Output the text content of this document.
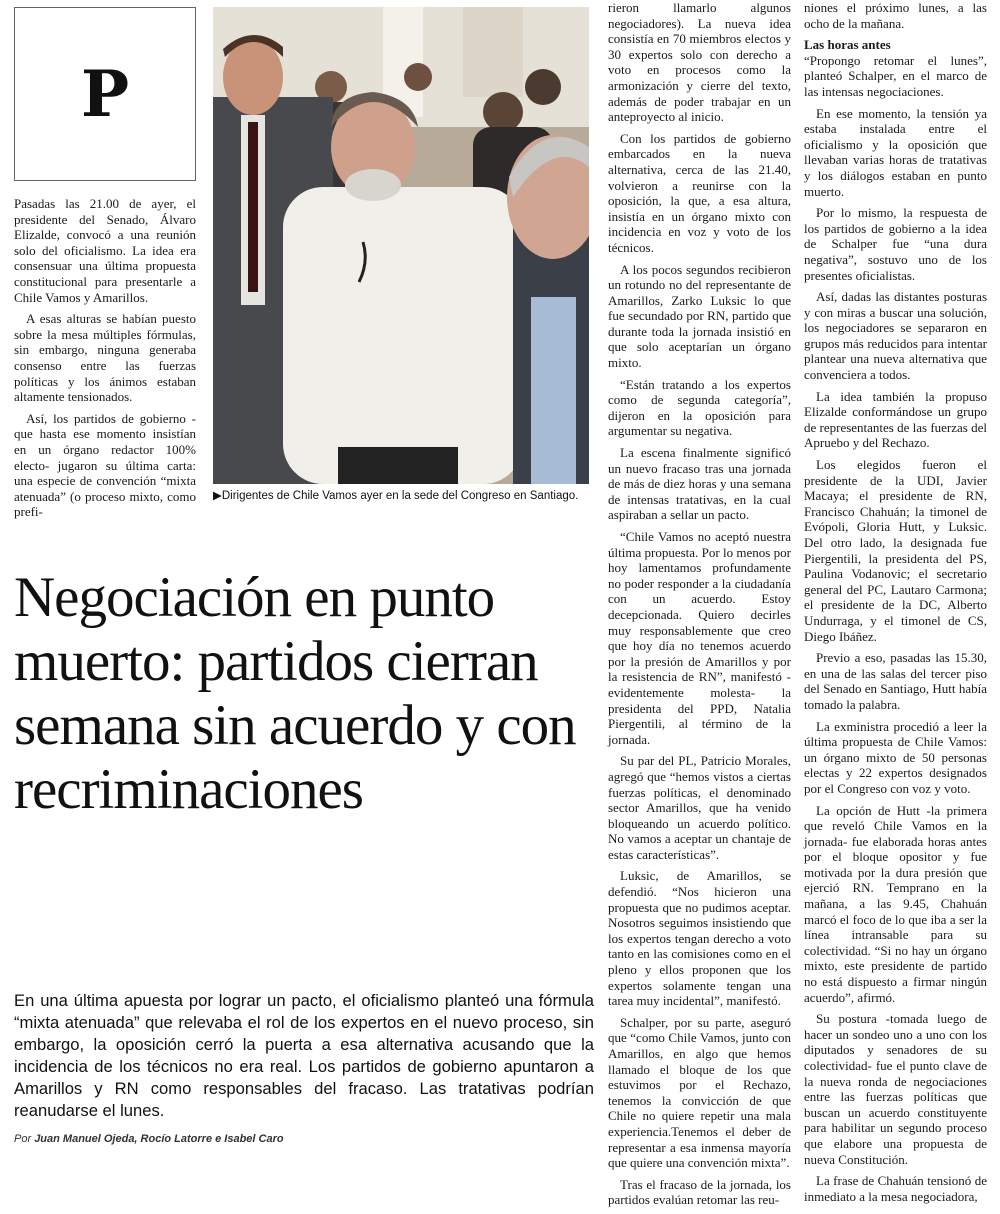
P

Pasadas las 21.00 de ayer, el presidente del Senado, Álvaro Elizalde, convocó a una reunión solo del oficialismo. La idea era consensuar una última propuesta constitucional para presentarle a Chile Vamos y Amarillos.

A esas alturas se habían puesto sobre la mesa múltiples fórmulas, sin embargo, ninguna generaba consenso entre las fuerzas políticas y los ánimos estaban altamente tensionados.

Así, los partidos de gobierno -que hasta ese momento insistían en un órgano redactor 100% electo- jugaron su última carta: una especie de convención “mixta atenuada” (o proceso mixto, como prefi-

▶Dirigentes de Chile Vamos ayer en la sede del Congreso en Santiago.
Negociación en punto muerto: partidos cierran semana sin acuerdo y con recriminaciones

En una última apuesta por lograr un pacto, el oficialismo planteó una fórmula “mixta atenuada” que relevaba el rol de los expertos en el nuevo proceso, sin embargo, la oposición cerró la puerta a esa alternativa acusando que la incidencia de los técnicos no era real. Los partidos de gobierno apuntaron a Amarillos y RN como responsables del fracaso. Las tratativas podrían reanudarse el lunes.

Por Juan Manuel Ojeda, Rocío Latorre e Isabel Caro

rieron llamarlo algunos negociadores). La nueva idea consistía en 70 miembros electos y 30 expertos solo con derecho a voto en procesos como la armonización y cierre del texto, además de poder trabajar en un anteproyecto al inicio.

Con los partidos de gobierno embarcados en la nueva alternativa, cerca de las 21.40, volvieron a reunirse con la oposición, la que, a esa altura, insistía en un órgano mixto con incidencia en voz y voto de los técnicos.

A los pocos segundos recibieron un rotundo no del representante de Amarillos, Zarko Luksic lo que fue secundado por RN, partido que durante toda la jornada insistió en que solo aceptarían un órgano mixto.

“Están tratando a los expertos como de segunda categoría”, dijeron en la oposición para argumentar su negativa.

La escena finalmente significó un nuevo fracaso tras una jornada de más de diez horas y una semana de intensas tratativas, en la cual aspiraban a sellar un pacto.

“Chile Vamos no aceptó nuestra última propuesta. Por lo menos por hoy lamentamos profundamente no poder responder a la ciudadanía con un acuerdo. Estoy decepcionada. Quiero decirles muy responsablemente que creo que hoy día no tenemos acuerdo por la presión de Amarillos y por la resistencia de RN”, manifestó -evidentemente molesta- la presidenta del PPD, Natalia Piergentili, al término de la jornada.

Su par del PL, Patricio Morales, agregó que “hemos vistos a ciertas fuerzas políticas, el denominado sector Amarillos, que ha venido bloqueando un acuerdo político. No vamos a aceptar un chantaje de estas características”.

Luksic, de Amarillos, se defendió. “Nos hicieron una propuesta que no pudimos aceptar. Nosotros seguimos insistiendo que los expertos tengan derecho a voto tanto en las comisiones como en el pleno y ellos proponen que los expertos solamente tengan una tarea muy incidental”, manifestó.

Schalper, por su parte, aseguró que “como Chile Vamos, junto con Amarillos, en algo que hemos llamado el bloque de los que estuvimos por el Rechazo, tenemos la convicción de que Chile no quiere repetir una mala experiencia.Tenemos el deber de representar a esa inmensa mayoría que quiere una convención mixta”.

Tras el fracaso de la jornada, los partidos evalúan retomar las reu-

niones el próximo lunes, a las ocho de la mañana.

Las horas antes

“Propongo retomar el lunes”, planteó Schalper, en el marco de las intensas negociaciones.

En ese momento, la tensión ya estaba instalada entre el oficialismo y la oposición que llevaban varias horas de tratativas y los diálogos estaban en punto muerto.

Por lo mismo, la respuesta de los partidos de gobierno a la idea de Schalper fue “una dura negativa”, sostuvo uno de los presentes oficialistas.

Así, dadas las distantes posturas y con miras a buscar una solución, los negociadores se separaron en grupos más reducidos para intentar plantear una nueva alternativa que convenciera a todos.

La idea también la propuso Elizalde conformándose un grupo de representantes de las fuerzas del Apruebo y del Rechazo.

Los elegidos fueron el presidente de la UDI, Javier Macaya; el presidente de RN, Francisco Chahuán; la timonel de Evópoli, Gloria Hutt, y Luksic. Del otro lado, la designada fue Piergentili, la presidenta del PS, Paulina Vodanovic; el secretario general del PC, Lautaro Carmona; el presidente de la DC, Alberto Undurraga, y el timonel de CS, Diego Ibáñez.

Previo a eso, pasadas las 15.30, en una de las salas del tercer piso del Senado en Santiago, Hutt había tomado la palabra.

La exministra procedió a leer la última propuesta de Chile Vamos: un órgano mixto de 50 personas electas y 22 expertos designados por el Congreso con voz y voto.

La opción de Hutt -la primera que reveló Chile Vamos en la jornada- fue elaborada horas antes por el bloque opositor y fue motivada por la dura presión que ejerció RN. Temprano en la mañana, a las 9.45, Chahuán marcó el foco de lo que iba a ser la línea intransable para su colectividad. “Si no hay un órgano mixto, este presidente de partido no está dispuesto a firmar ningún acuerdo”, afirmó.

Su postura -tomada luego de hacer un sondeo uno a uno con los diputados y senadores de su colectividad- fue el punto clave de la nueva ronda de negociaciones entre las fuerzas políticas que buscan un acuerdo constituyente para habilitar un segundo proceso que elabore una propuesta de nueva Constitución.

La frase de Chahuán tensionó de inmediato a la mesa negociadora,
